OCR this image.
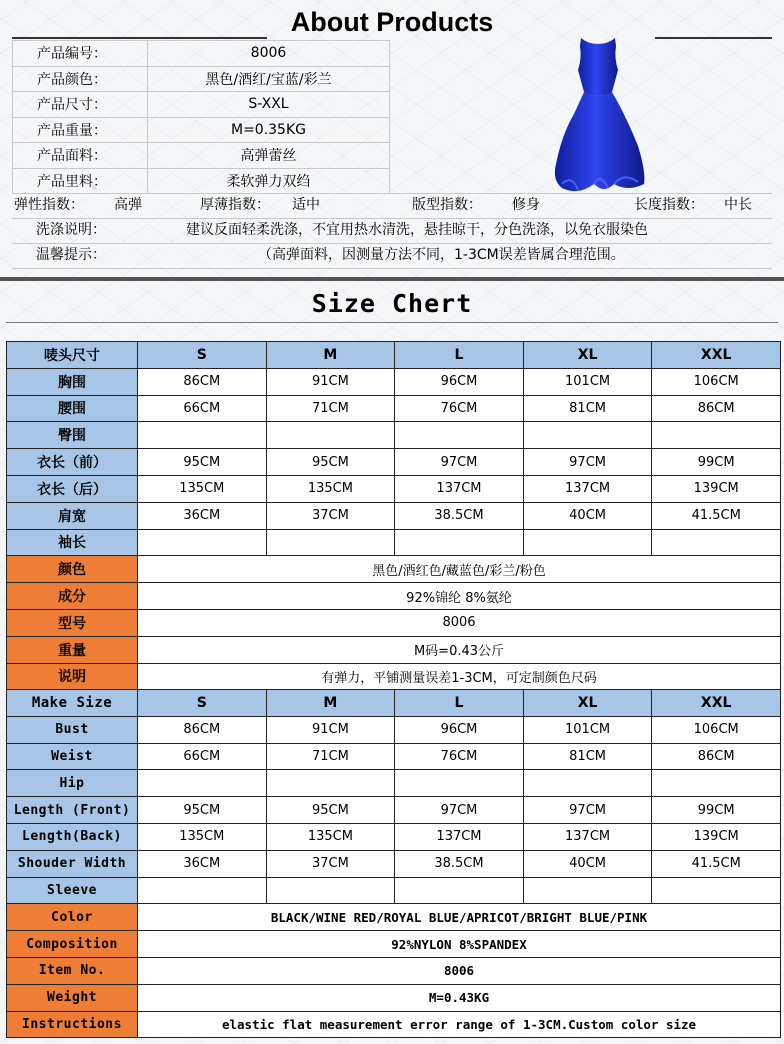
About Products
产品编号：	8006
产品颜色：	黑色/酒红/宝蓝/彩兰
产品尺寸：	S-XXL
产品重量：	M=0.35KG
产品面料：	高弹蕾丝
产品里料：	柔软弹力双绉
弹性指数： 高弹	厚薄指数： 适中	版型指数： 修身	长度指数： 中长
洗涤说明：	建议反面轻柔洗涤，不宜用热水清洗，悬挂晾干，分色洗涤，以免衣服染色
温馨提示：	（高弹面料，因测量方法不同，1-3CM误差皆属合理范围。
Size Chert
唛头尺寸	S	M	L	XL	XXL
胸围	86CM	91CM	96CM	101CM	106CM
腰围	66CM	71CM	76CM	81CM	86CM
臀围					
衣长（前）	95CM	95CM	97CM	97CM	99CM
衣长（后）	135CM	135CM	137CM	137CM	139CM
肩宽	36CM	37CM	38.5CM	40CM	41.5CM
袖长					
颜色	黑色/酒红色/藏蓝色/彩兰/粉色				
成分	92%锦纶 8%氨纶				
型号	8006				
重量	M码=0.43公斤				
说明	有弹力，平铺测量误差1-3CM，可定制颜色尺码				
Make Size	S	M	L	XL	XXL
Bust	86CM	91CM	96CM	101CM	106CM
Weist	66CM	71CM	76CM	81CM	86CM
Hip					
Length (Front)	95CM	95CM	97CM	97CM	99CM
Length(Back)	135CM	135CM	137CM	137CM	139CM
Shouder Width	36CM	37CM	38.5CM	40CM	41.5CM
Sleeve					
Color	BLACK/WINE RED/ROYAL BLUE/APRICOT/BRIGHT BLUE/PINK				
Composition	92%NYLON 8%SPANDEX				
Item No.	8006				
Weight	M=0.43KG				
Instructions	elastic flat measurement error range of 1-3CM.Custom color size				
